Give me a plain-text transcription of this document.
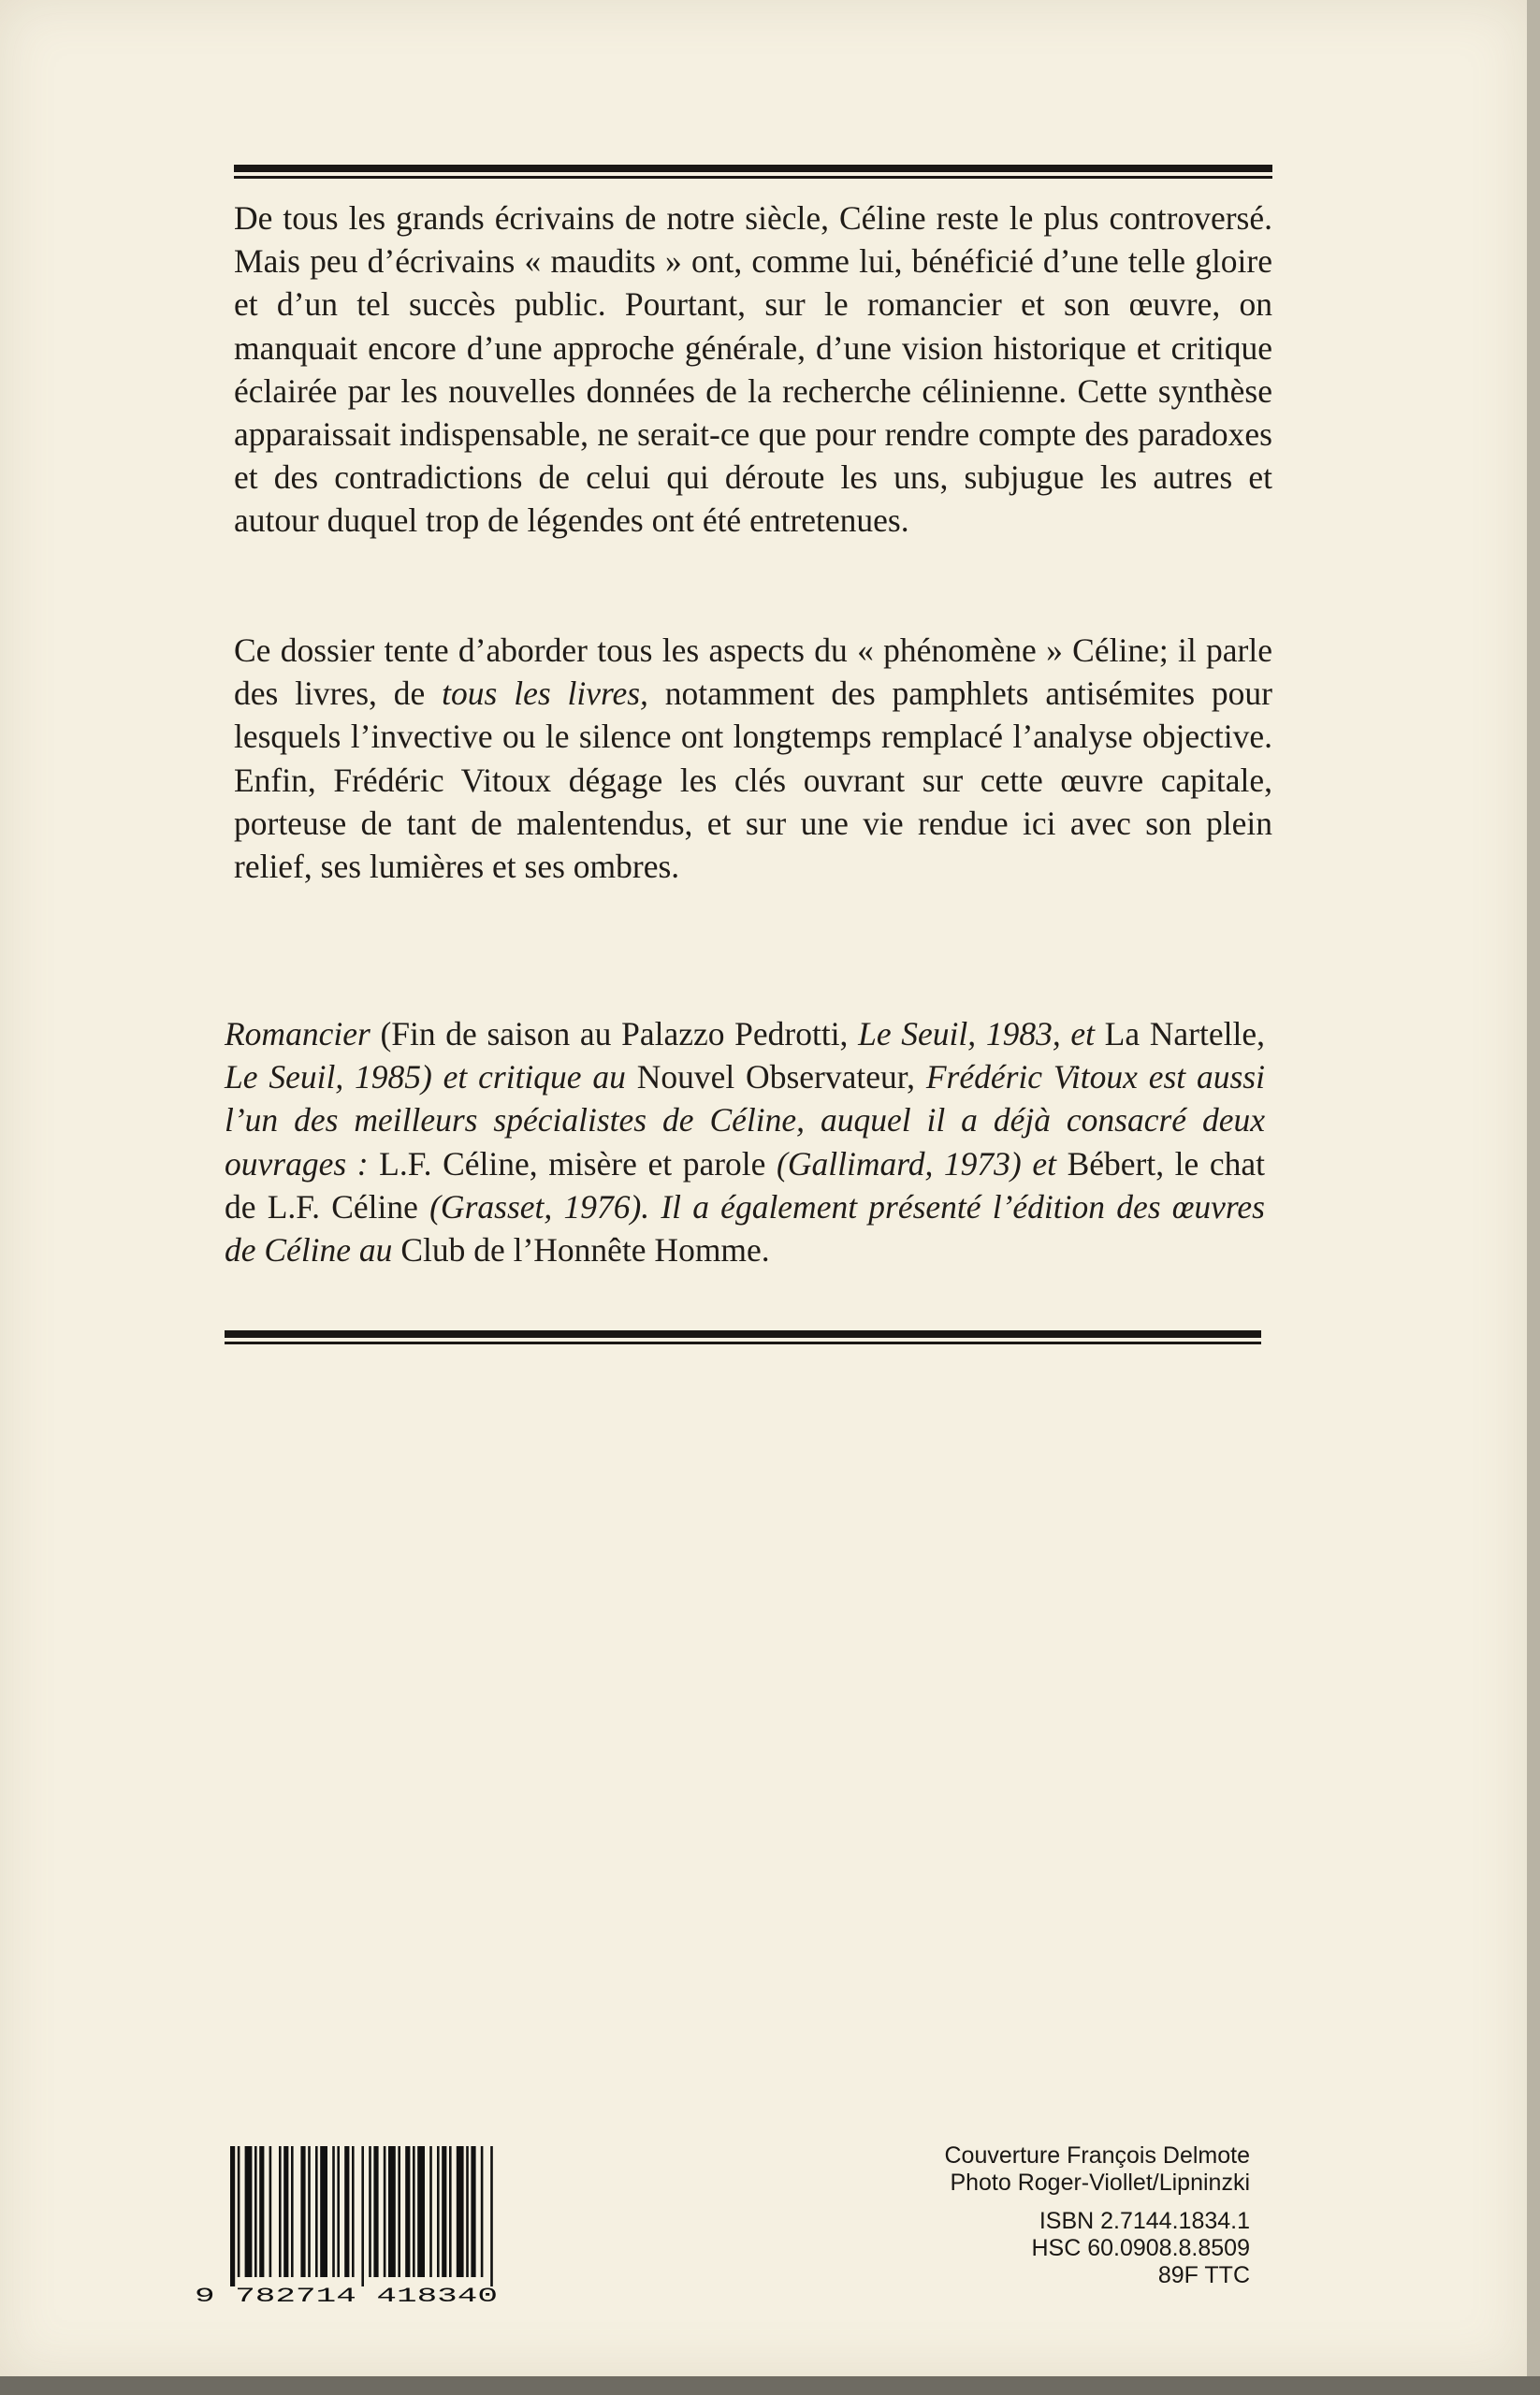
De tous les grands écrivains de notre siècle, Céline reste le plus controversé. Mais peu d’écrivains « maudits » ont, comme lui, bénéficié d’une telle gloire et d’un tel succès public. Pourtant, sur le romancier et son œuvre, on manquait encore d’une approche générale, d’une vision historique et critique éclairée par les nouvelles données de la recherche célinienne. Cette synthèse apparaissait indispensable, ne serait-ce que pour rendre compte des paradoxes et des contradictions de celui qui déroute les uns, subjugue les autres et autour duquel trop de légendes ont été entretenues.

Ce dossier tente d’aborder tous les aspects du « phénomène » Céline; il parle des livres, de tous les livres, notamment des pamphlets antisémites pour lesquels l’invective ou le silence ont longtemps remplacé l’analyse objective. Enfin, Frédéric Vitoux dégage les clés ouvrant sur cette œuvre capitale, porteuse de tant de malentendus, et sur une vie rendue ici avec son plein relief, ses lumières et ses ombres.

Romancier (Fin de saison au Palazzo Pedrotti, Le Seuil, 1983, et La Nartelle, Le Seuil, 1985) et critique au Nouvel Observateur, Frédéric Vitoux est aussi l’un des meilleurs spécialistes de Céline, auquel il a déjà consacré deux ouvrages : L.F. Céline, misère et parole (Gallimard, 1973) et Bébert, le chat de L.F. Céline (Grasset, 1976). Il a également présenté l’édition des œuvres de Céline au Club de l’Honnête Homme.

9 782714 418340
Couverture François Delmote
Photo Roger-Viollet/Lipninzki
ISBN 2.7144.1834.1
HSC 60.0908.8.8509
89F TTC
